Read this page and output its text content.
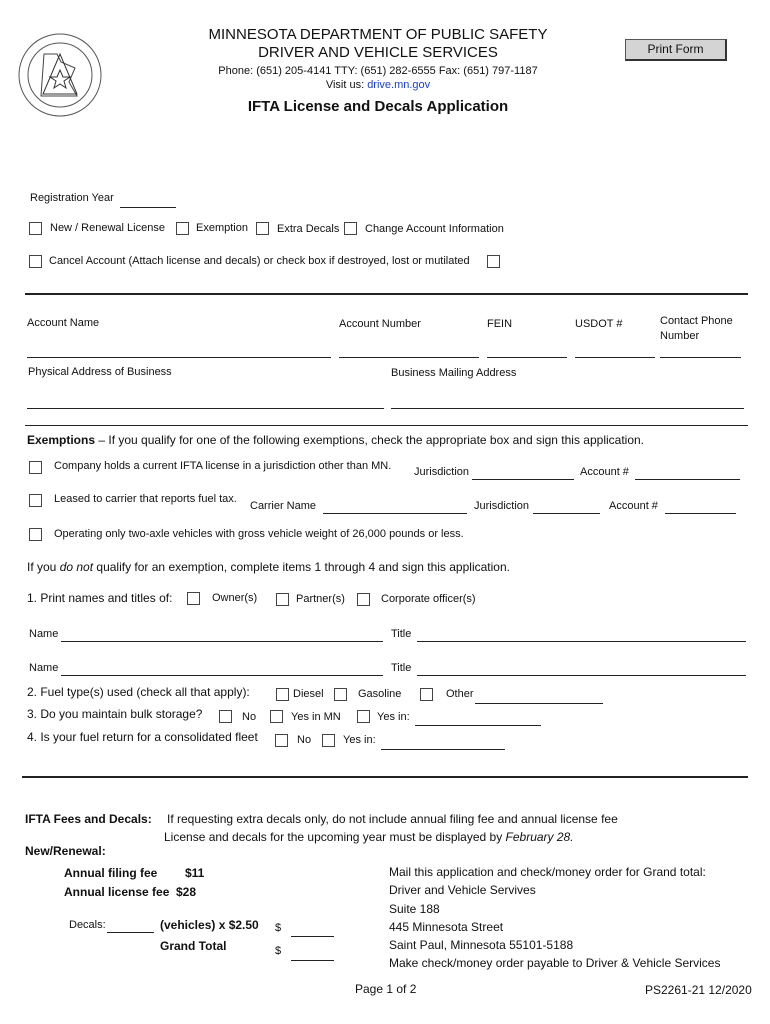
MINNESOTA DEPARTMENT OF PUBLIC SAFETY
DRIVER AND VEHICLE SERVICES
Phone: (651) 205-4141 TTY: (651) 282-6555 Fax: (651) 797-1187
Visit us: drive.mn.gov
IFTA License and Decals Application
Print Form
Registration Year
New / Renewal License	Exemption	Extra Decals Change Account Information
Cancel Account (Attach license and decals) or check box if destroyed, lost or mutilated
Account Name	Account Number	FEIN	USDOT #	Contact Phone Number
Physical Address of Business	Business Mailing Address
Exemptions – If you qualify for one of the following exemptions, check the appropriate box and sign this application.
Company holds a current IFTA license in a jurisdiction other than MN. Jurisdiction	Account #
Leased to carrier that reports fuel tax.
Carrier Name	Jurisdiction	Account #
Operating only two-axle vehicles with gross vehicle weight of 26,000 pounds or less.
If you do not qualify for an exemption, complete items 1 through 4 and sign this application.
1. Print names and titles of:	Owner(s)	Partner(s)	Corporate officer(s)
Name	Title
Name	Title
2. Fuel type(s) used (check all that apply):	Diesel	Gasoline	Other
3. Do you maintain bulk storage?	No	Yes in MN	Yes in:
4. Is your fuel return for a consolidated fleet	No	Yes in:
IFTA Fees and Decals: If requesting extra decals only, do not include annual filing fee and annual license fee
License and decals for the upcoming year must be displayed by February 28.
New/Renewal:
Annual filing fee $11
Annual license fee $28
Decals:	(vehicles) x $2.50 $
Grand Total	$
Mail this application and check/money order for Grand total:
Driver and Vehicle Servives
Suite 188
445 Minnesota Street
Saint Paul, Minnesota 55101-5188
Make check/money order payable to Driver & Vehicle Services
Page 1 of 2	PS2261-21 12/2020
